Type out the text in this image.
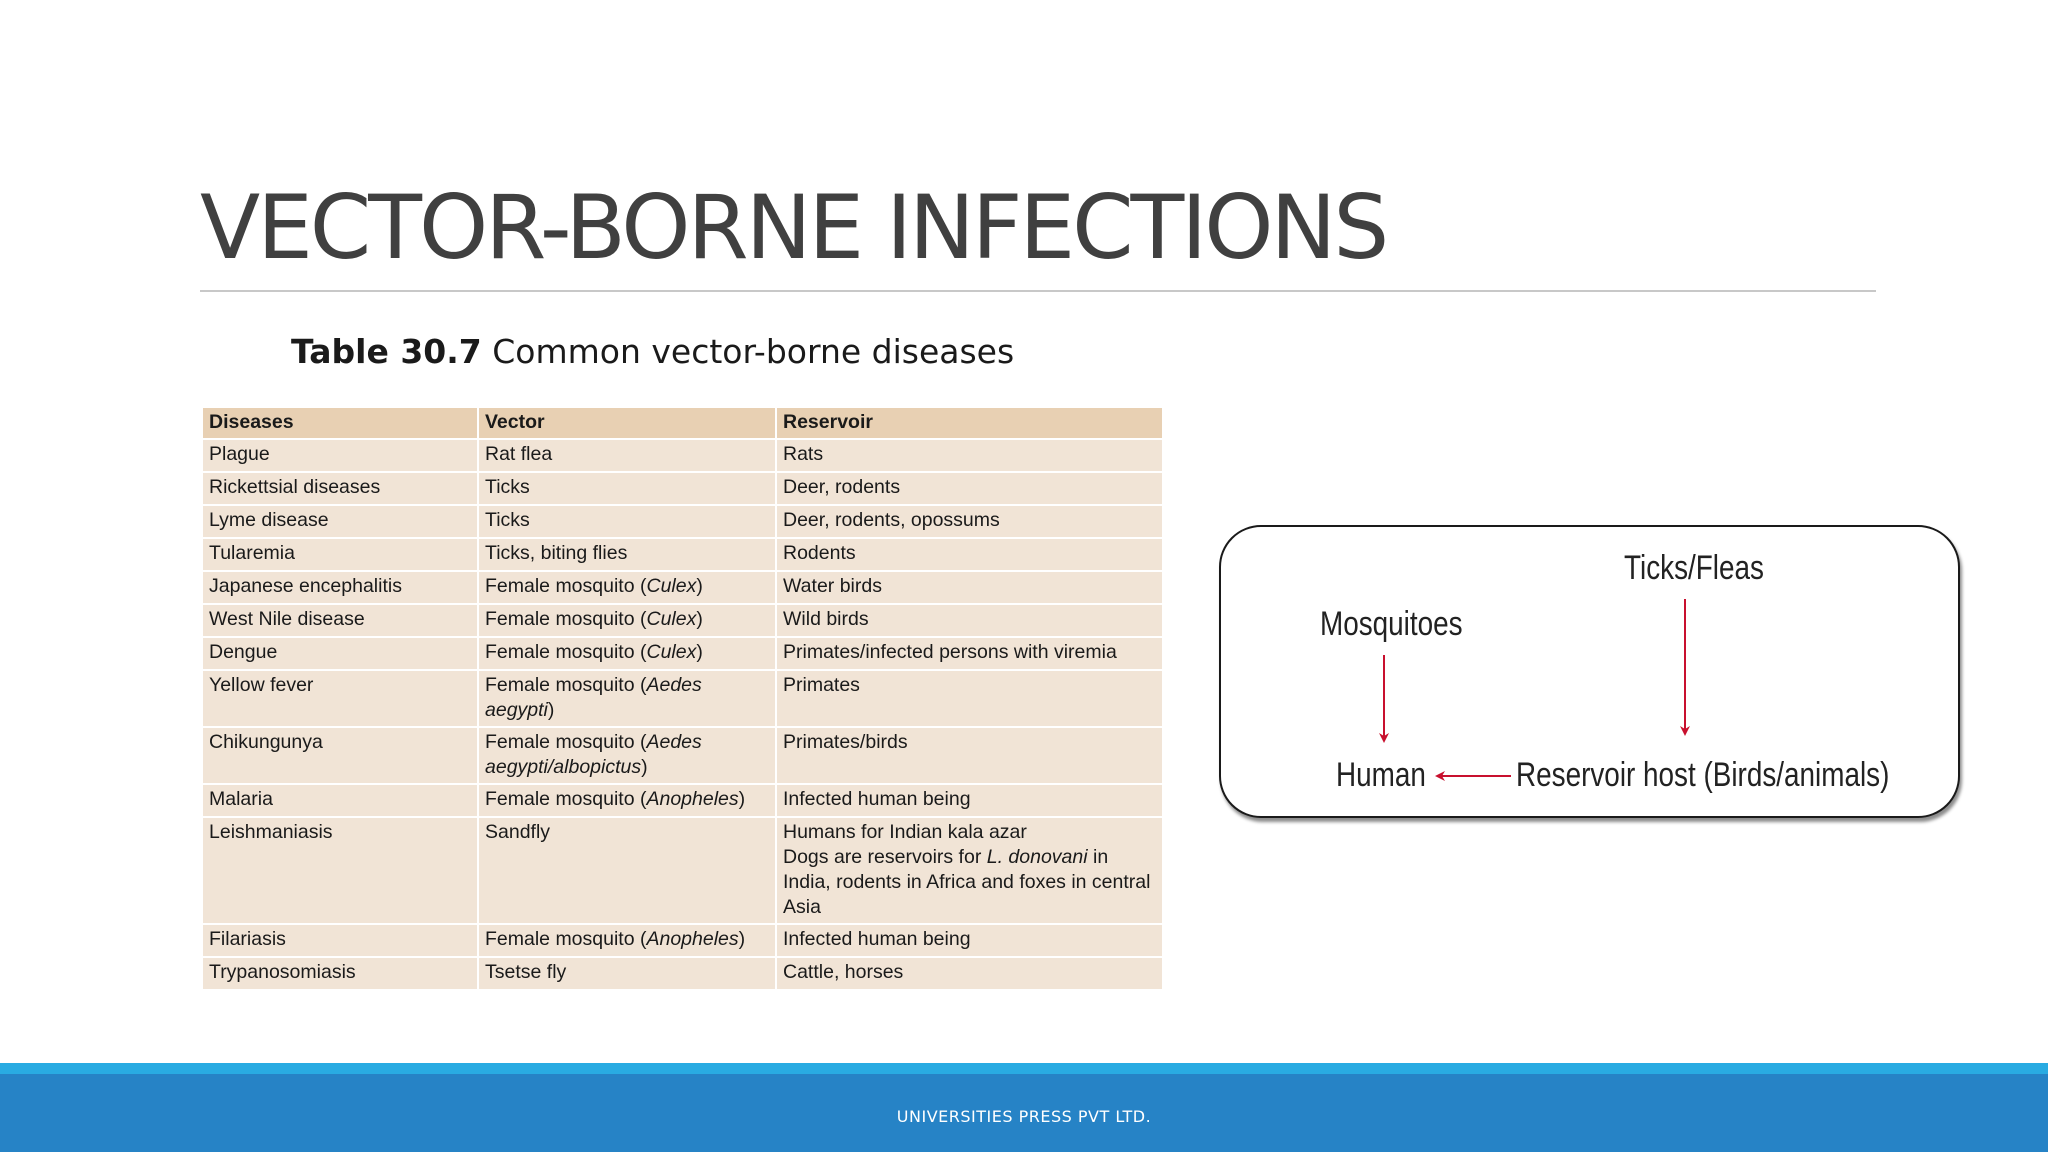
VECTOR-BORNE INFECTIONS
Table 30.7 Common vector-borne diseases
Diseases	Vector	Reservoir
Plague	Rat flea	Rats
Rickettsial diseases	Ticks	Deer, rodents
Lyme disease	Ticks	Deer, rodents, opossums
Tularemia	Ticks, biting flies	Rodents
Japanese encephalitis	Female mosquito (Culex)	Water birds
West Nile disease	Female mosquito (Culex)	Wild birds
Dengue	Female mosquito (Culex)	Primates/infected persons with viremia
Yellow fever	Female mosquito (Aedes aegypti)	Primates
Chikungunya	Female mosquito (Aedes aegypti/albopictus)	Primates/birds
Malaria	Female mosquito (Anopheles)	Infected human being
Leishmaniasis	Sandfly	Humans for Indian kala azar
Dogs are reservoirs for L. donovani in India, rodents in Africa and foxes in central Asia
Filariasis	Female mosquito (Anopheles)	Infected human being
Trypanosomiasis	Tsetse fly	Cattle, horses
Ticks/Fleas
Mosquitoes
Human	Reservoir host (Birds/animals)
UNIVERSITIES PRESS PVT LTD.
